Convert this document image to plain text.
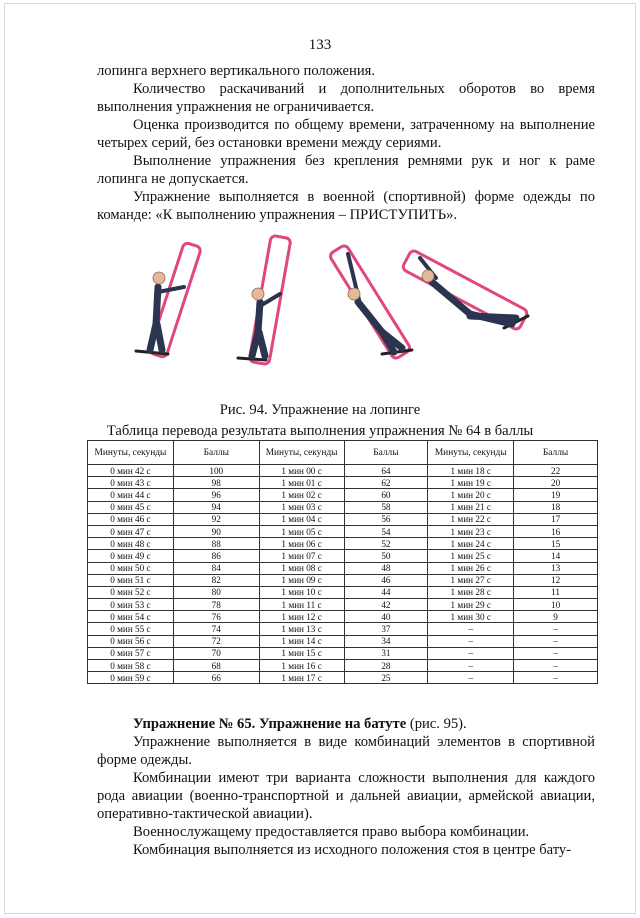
133

лопинга верхнего вертикального положения.

Количество раскачиваний и дополнительных оборотов во время выполнения упражнения не ограничивается.

Оценка производится по общему времени, затраченному на выполнение четырех серий, без остановки времени между сериями.

Выполнение упражнения без крепления ремнями рук и ног к раме лопинга не допускается.

Упражнение выполняется в военной (спортивной) форме одежды по команде: «К выполнению упражнения – ПРИСТУПИТЬ».

Рис. 94. Упражнение на лопинге
Таблица перевода результата выполнения упражнения № 64 в баллы
Минуты, секунды	Баллы	Минуты, секунды	Баллы	Минуты, секунды	Баллы
0 мин 42 с	100	1 мин 00 с	64	1 мин 18 с	22
0 мин 43 с	98	1 мин 01 с	62	1 мин 19 с	20
0 мин 44 с	96	1 мин 02 с	60	1 мин 20 с	19
0 мин 45 с	94	1 мин 03 с	58	1 мин 21 с	18
0 мин 46 с	92	1 мин 04 с	56	1 мин 22 с	17
0 мин 47 с	90	1 мин 05 с	54	1 мин 23 с	16
0 мин 48 с	88	1 мин 06 с	52	1 мин 24 с	15
0 мин 49 с	86	1 мин 07 с	50	1 мин 25 с	14
0 мин 50 с	84	1 мин 08 с	48	1 мин 26 с	13
0 мин 51 с	82	1 мин 09 с	46	1 мин 27 с	12
0 мин 52 с	80	1 мин 10 с	44	1 мин 28 с	11
0 мин 53 с	78	1 мин 11 с	42	1 мин 29 с	10
0 мин 54 с	76	1 мин 12 с	40	1 мин 30 с	9
0 мин 55 с	74	1 мин 13 с	37	–	–
0 мин 56 с	72	1 мин 14 с	34	–	–
0 мин 57 с	70	1 мин 15 с	31	–	–
0 мин 58 с	68	1 мин 16 с	28	–	–
0 мин 59 с	66	1 мин 17 с	25	–	–

Упражнение № 65. Упражнение на батуте (рис. 95).

Упражнение выполняется в виде комбинаций элементов в спортивной форме одежды.

Комбинации имеют три варианта сложности выполнения для каждого рода авиации (военно-транспортной и дальней авиации, армейской авиации, оперативно-тактической авиации).

Военнослужащему предоставляется право выбора комбинации.

Комбинация выполняется из исходного положения стоя в центре бату-
